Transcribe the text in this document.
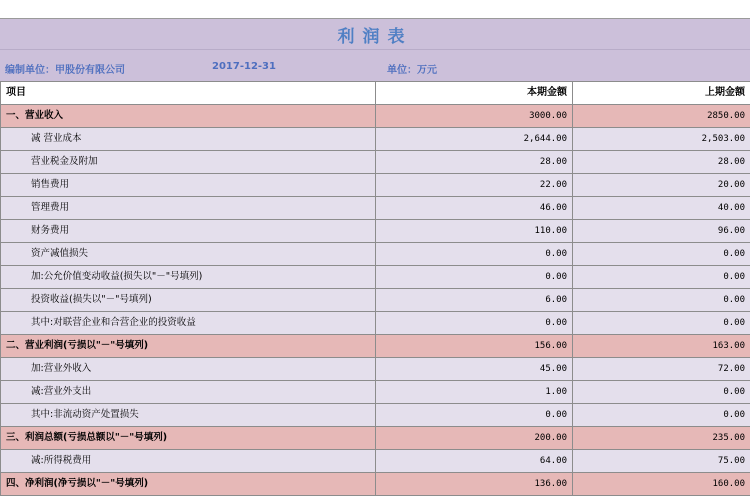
利润表
编制单位：甲股份有限公司	2017-12-31	单位：万元
项目	本期金额	上期金额
一、营业收入	3000.00	2850.00
减 营业成本	2,644.00	2,503.00
营业税金及附加	28.00	28.00
销售费用	22.00	20.00
管理费用	46.00	40.00
财务费用	110.00	96.00
资产减值损失	0.00	0.00
加:公允价值变动收益(损失以"－"号填列)	0.00	0.00
投资收益(损失以"－"号填列)	6.00	0.00
其中:对联营企业和合营企业的投资收益	0.00	0.00
二、营业利润(亏损以"－"号填列)	156.00	163.00
加:营业外收入	45.00	72.00
减:营业外支出	1.00	0.00
其中:非流动资产处置损失	0.00	0.00
三、利润总额(亏损总额以"－"号填列)	200.00	235.00
减:所得税费用	64.00	75.00
四、净利润(净亏损以"－"号填列)	136.00	160.00
